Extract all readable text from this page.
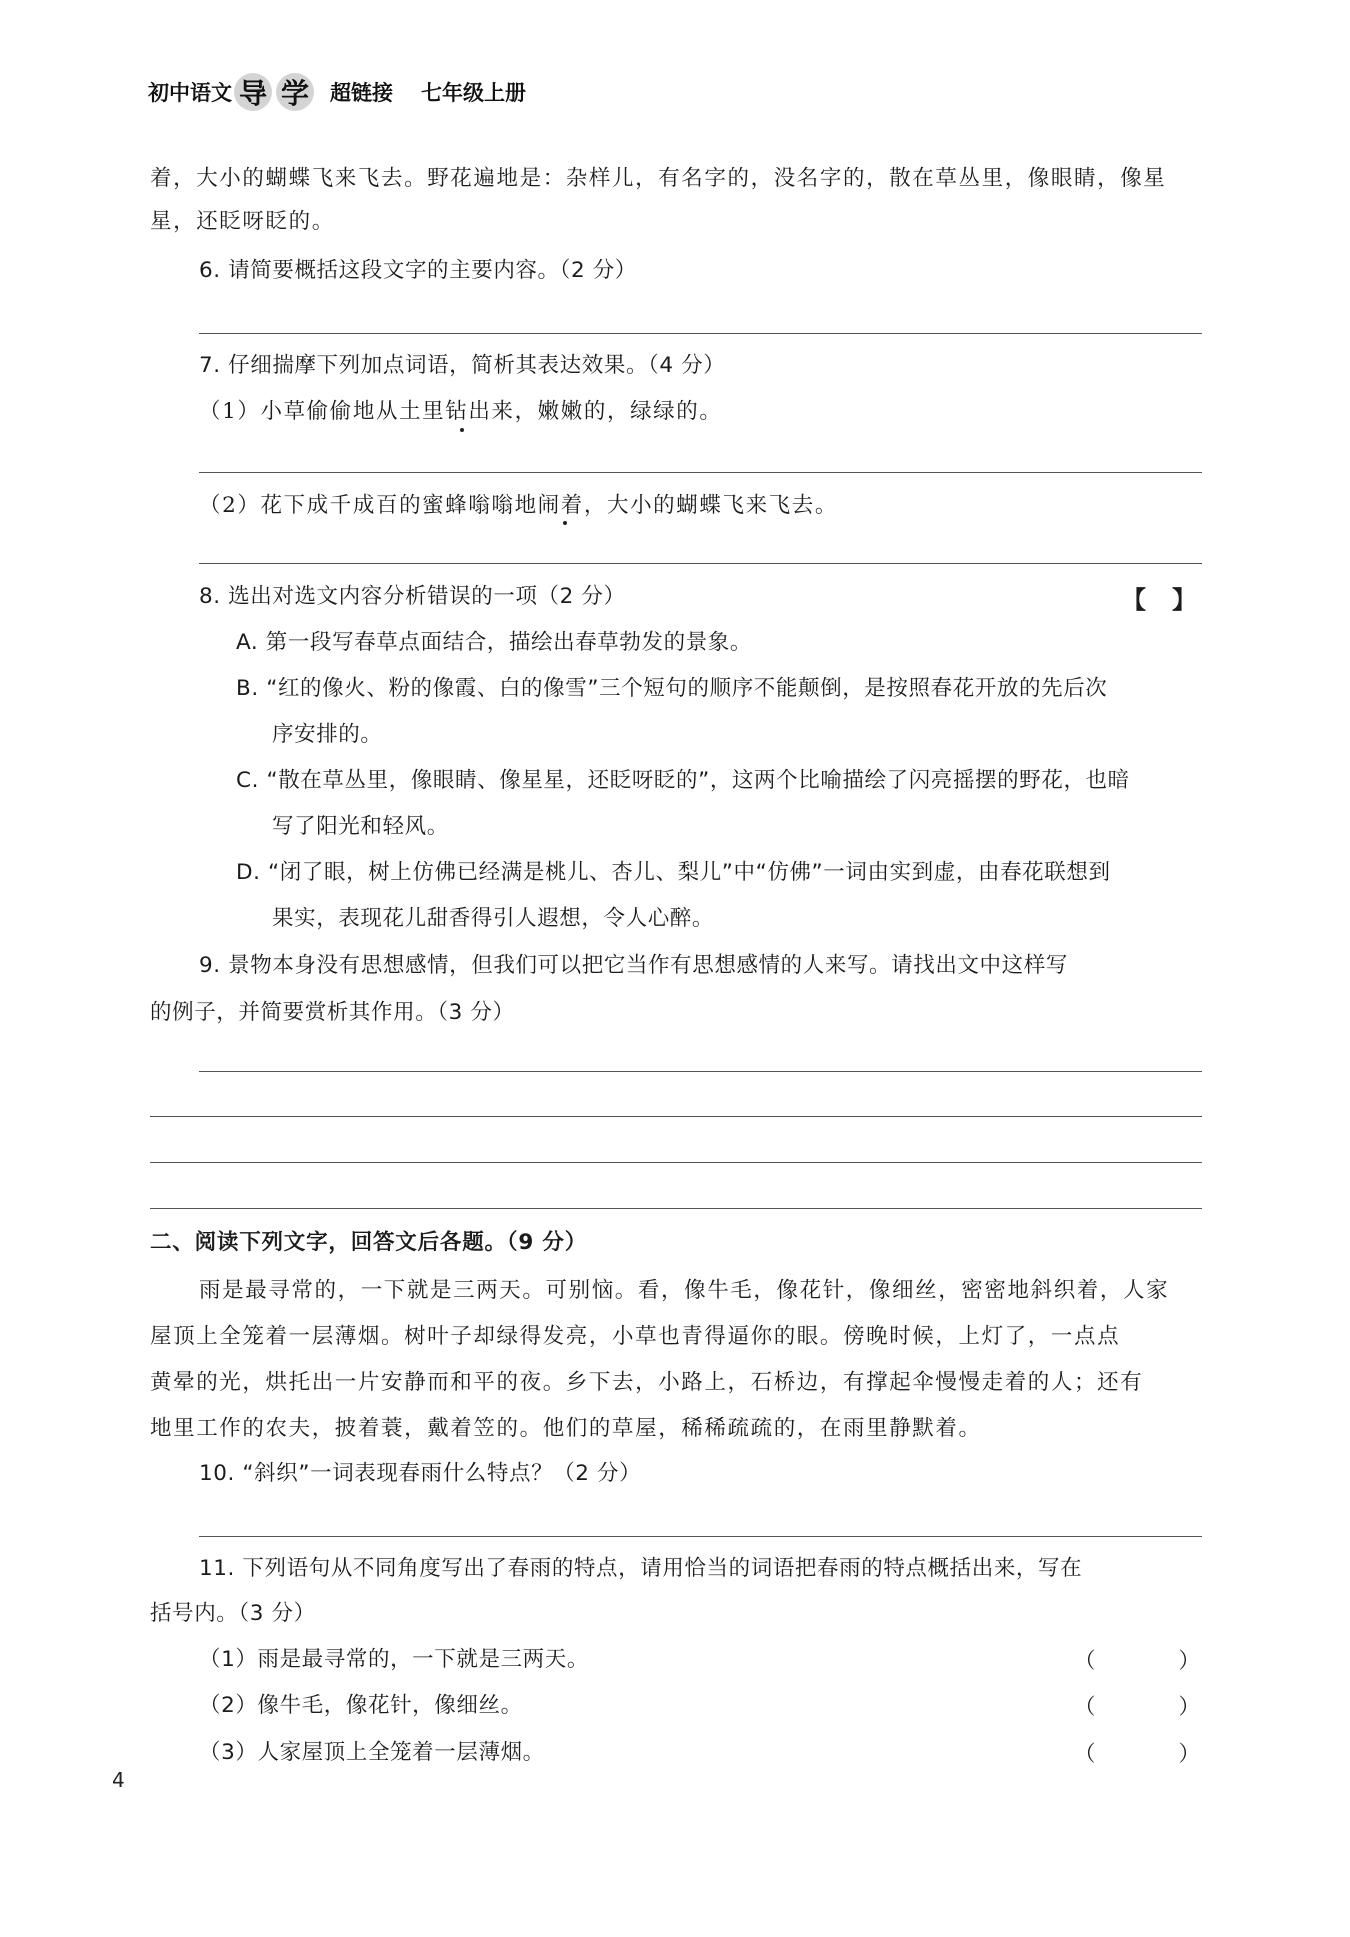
初中语文 导 学 超链接 七年级上册
着，大小的蝴蝶飞来飞去。野花遍地是：杂样儿，有名字的，没名字的，散在草丛里，像眼睛，像星
星，还眨呀眨的。
6. 请简要概括这段文字的主要内容。（2 分）
7. 仔细揣摩下列加点词语，简析其表达效果。（4 分）
（1）小草偷偷地从土里钻出来，嫩嫩的，绿绿的。
（2）花下成千成百的蜜蜂嗡嗡地闹着，大小的蝴蝶飞来飞去。
8. 选出对选文内容分析错误的一项（2 分）	【 】
A. 第一段写春草点面结合，描绘出春草勃发的景象。
B. “红的像火、粉的像霞、白的像雪”三个短句的顺序不能颠倒，是按照春花开放的先后次
序安排的。
C. “散在草丛里，像眼睛、像星星，还眨呀眨的”，这两个比喻描绘了闪亮摇摆的野花，也暗
写了阳光和轻风。
D. “闭了眼，树上仿佛已经满是桃儿、杏儿、梨儿”中“仿佛”一词由实到虚，由春花联想到
果实，表现花儿甜香得引人遐想，令人心醉。
9. 景物本身没有思想感情，但我们可以把它当作有思想感情的人来写。请找出文中这样写
的例子，并简要赏析其作用。（3 分）
二、阅读下列文字，回答文后各题。（9 分）
雨是最寻常的，一下就是三两天。可别恼。看，像牛毛，像花针，像细丝，密密地斜织着，人家
屋顶上全笼着一层薄烟。树叶子却绿得发亮，小草也青得逼你的眼。傍晚时候，上灯了，一点点
黄晕的光，烘托出一片安静而和平的夜。乡下去，小路上，石桥边，有撑起伞慢慢走着的人；还有
地里工作的农夫，披着蓑，戴着笠的。他们的草屋，稀稀疏疏的，在雨里静默着。
10. “斜织”一词表现春雨什么特点？（2 分）
11. 下列语句从不同角度写出了春雨的特点，请用恰当的词语把春雨的特点概括出来，写在
括号内。（3 分）
（1）雨是最寻常的，一下就是三两天。	（	）
（2）像牛毛，像花针，像细丝。	（	）
（3）人家屋顶上全笼着一层薄烟。	（	）
4
